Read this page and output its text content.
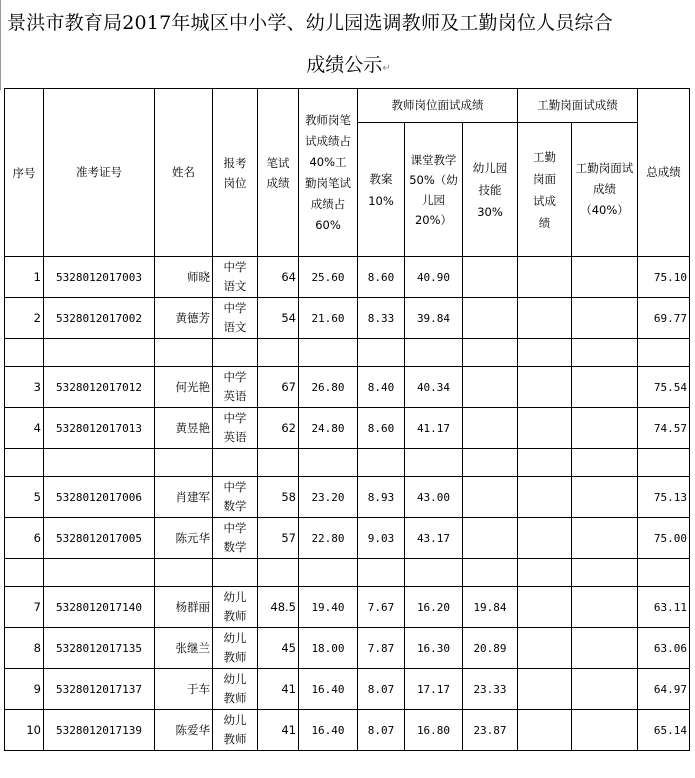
景洪市教育局2017年城区中小学、幼儿园选调教师及工勤岗位人员综合
成绩公示↵
序号	准考证号	姓名	报考岗位	笔试成绩	教师岗笔试成绩占40%工勤岗笔试成绩占60%	教师岗位面试成绩			工勤岗面试成绩		总成绩
						教案10%	课堂教学50%（幼儿园20%）	幼儿园技能30%	工勤岗面试成绩	工勤岗面试成绩（40%）	
1	5328012017003	师晓	中学语文	64	25.60	8.60	40.90				75.10
2	5328012017002	黄德芳	中学语文	54	21.60	8.33	39.84				69.77

3	5328012017012	何光艳	中学英语	67	26.80	8.40	40.34				75.54
4	5328012017013	黄昱艳	中学英语	62	24.80	8.60	41.17				74.57

5	5328012017006	肖建军	中学数学	58	23.20	8.93	43.00				75.13
6	5328012017005	陈元华	中学数学	57	22.80	9.03	43.17				75.00

7	5328012017140	杨群丽	幼儿教师	48.5	19.40	7.67	16.20	19.84			63.11
8	5328012017135	张继兰	幼儿教师	45	18.00	7.87	16.30	20.89			63.06
9	5328012017137	于车	幼儿教师	41	16.40	8.07	17.17	23.33			64.97
10	5328012017139	陈爱华	幼儿教师	41	16.40	8.07	16.80	23.87			65.14
